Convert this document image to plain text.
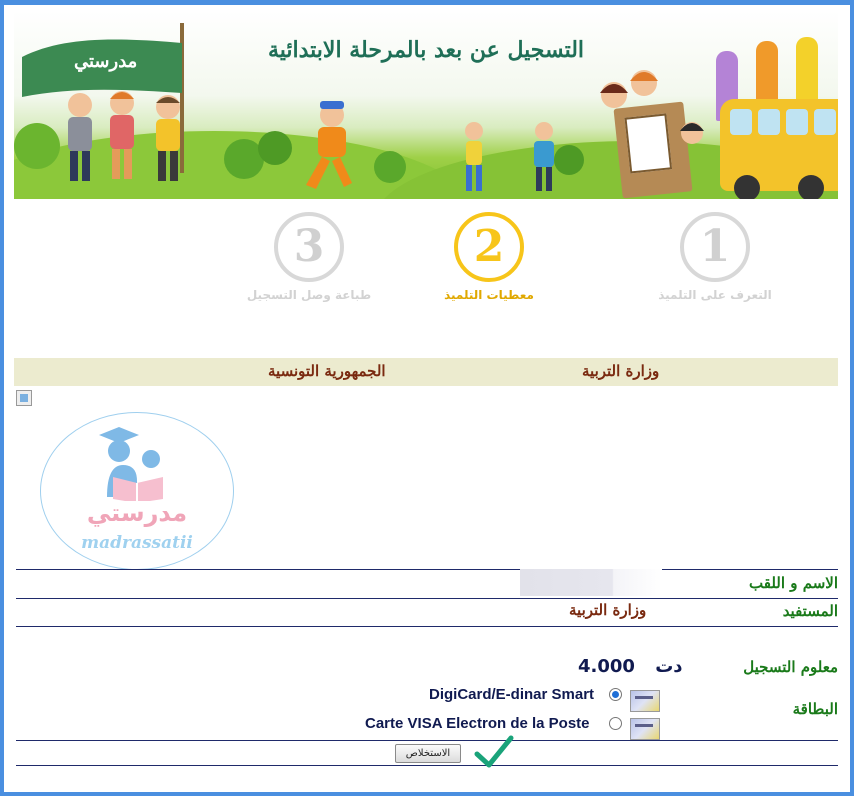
مدرستي	التسجيل عن بعد بالمرحلة الابتدائية
1
التعرف على التلميذ
2
معطيات التلميذ
3
طباعة وصل التسجيل
وزارة التربية
الجمهورية التونسية
مدرستي
madrassatii
الاسم و اللقب
المستفيد
وزارة التربية
معلوم التسجيل
دت 4.000
البطاقة
DigiCard/E-dinar Smart
Carte VISA Electron de la Poste
الاستخلاص
